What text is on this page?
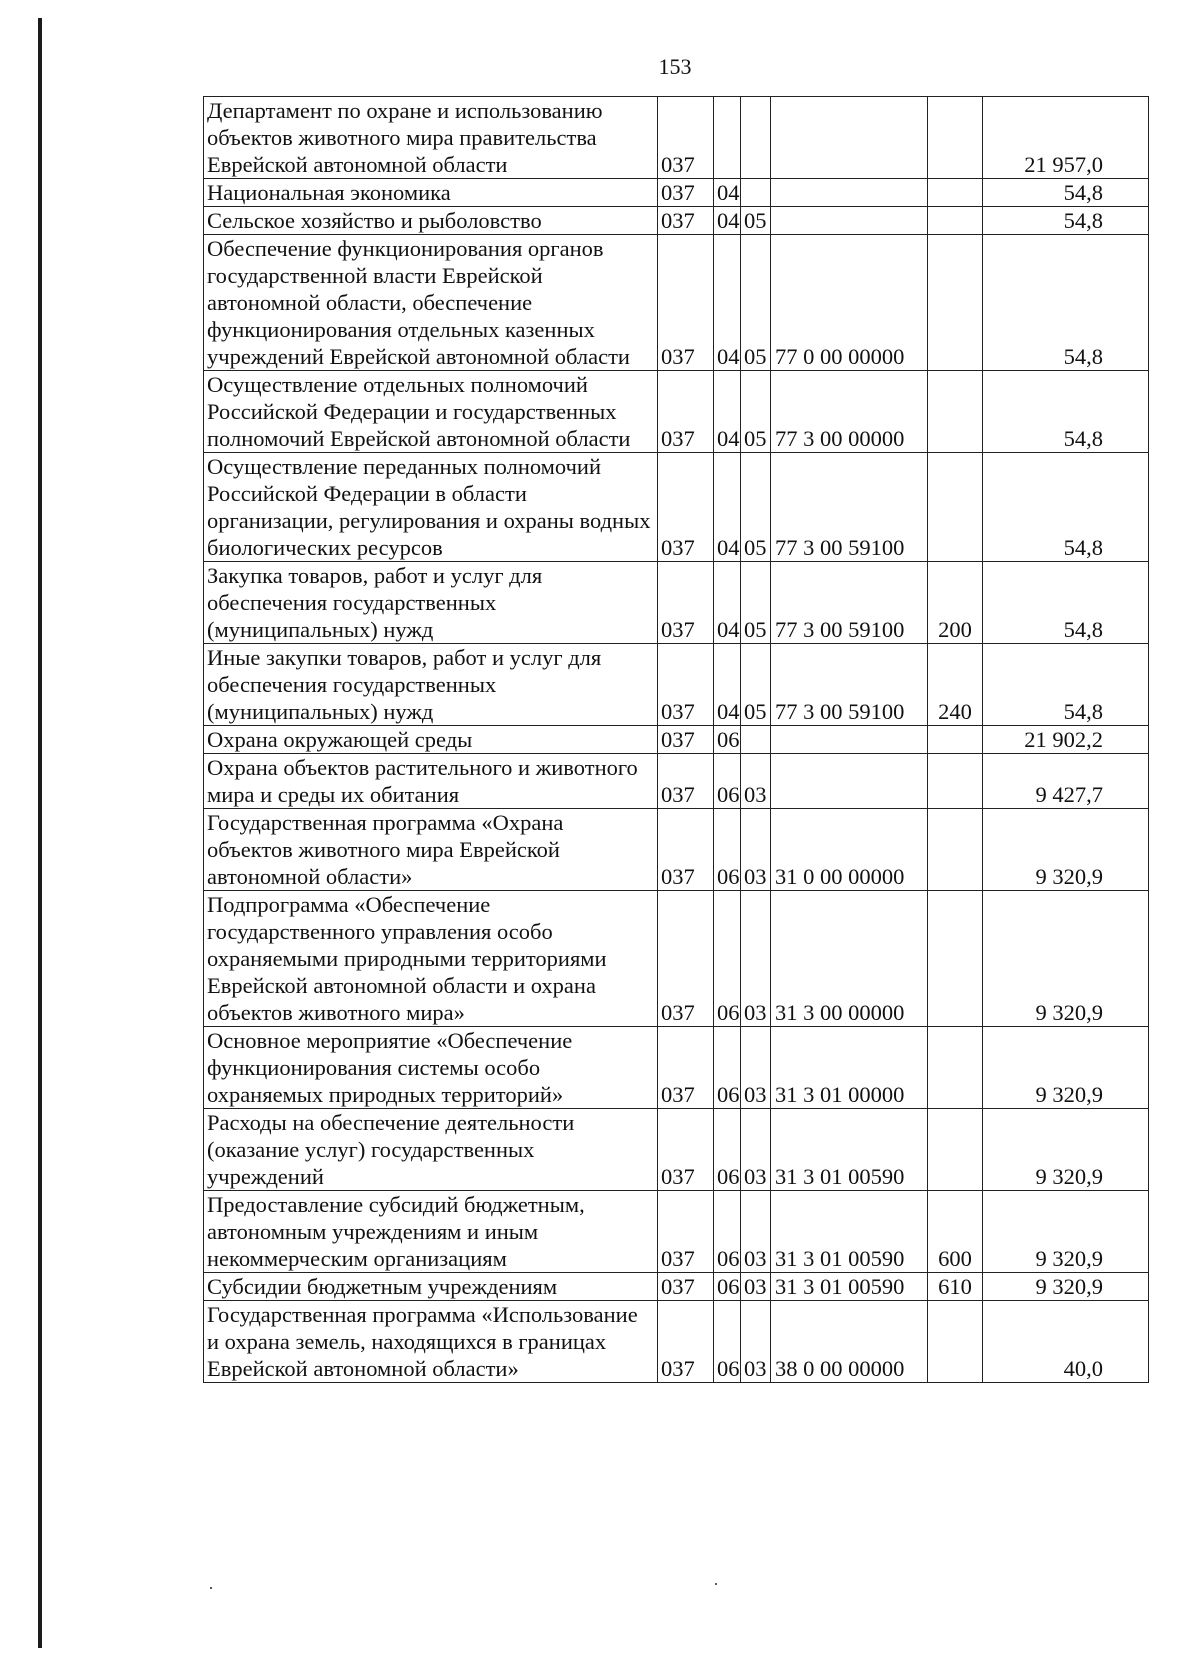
153
Департамент по охране и использованию объектов животного мира правительства Еврейской автономной области	037					21 957,0
Национальная экономика	037	04				54,8
Сельское хозяйство и рыболовство	037	04	05			54,8
Обеспечение функционирования органов государственной власти Еврейской автономной области, обеспечение функционирования отдельных казенных учреждений Еврейской автономной области	037	04	05	77 0 00 00000		54,8
Осуществление отдельных полномочий Российской Федерации и государственных полномочий Еврейской автономной области	037	04	05	77 3 00 00000		54,8
Осуществление переданных полномочий Российской Федерации в области организации, регулирования и охраны водных биологических ресурсов	037	04	05	77 3 00 59100		54,8
Закупка товаров, работ и услуг для обеспечения государственных (муниципальных) нужд	037	04	05	77 3 00 59100	200	54,8
Иные закупки товаров, работ и услуг для обеспечения государственных (муниципальных) нужд	037	04	05	77 3 00 59100	240	54,8
Охрана окружающей среды	037	06				21 902,2
Охрана объектов растительного и животного мира и среды их обитания	037	06	03			9 427,7
Государственная программа «Охрана объектов животного мира Еврейской автономной области»	037	06	03	31 0 00 00000		9 320,9
Подпрограмма «Обеспечение государственного управления особо охраняемыми природными территориями Еврейской автономной области и охрана объектов животного мира»	037	06	03	31 3 00 00000		9 320,9
Основное мероприятие «Обеспечение функционирования системы особо охраняемых природных территорий»	037	06	03	31 3 01 00000		9 320,9
Расходы на обеспечение деятельности (оказание услуг) государственных учреждений	037	06	03	31 3 01 00590		9 320,9
Предоставление субсидий бюджетным, автономным учреждениям и иным некоммерческим организациям	037	06	03	31 3 01 00590	600	9 320,9
Субсидии бюджетным учреждениям	037	06	03	31 3 01 00590	610	9 320,9
Государственная программа «Использование и охрана земель, находящихся в границах Еврейской автономной области»	037	06	03	38 0 00 00000		40,0
